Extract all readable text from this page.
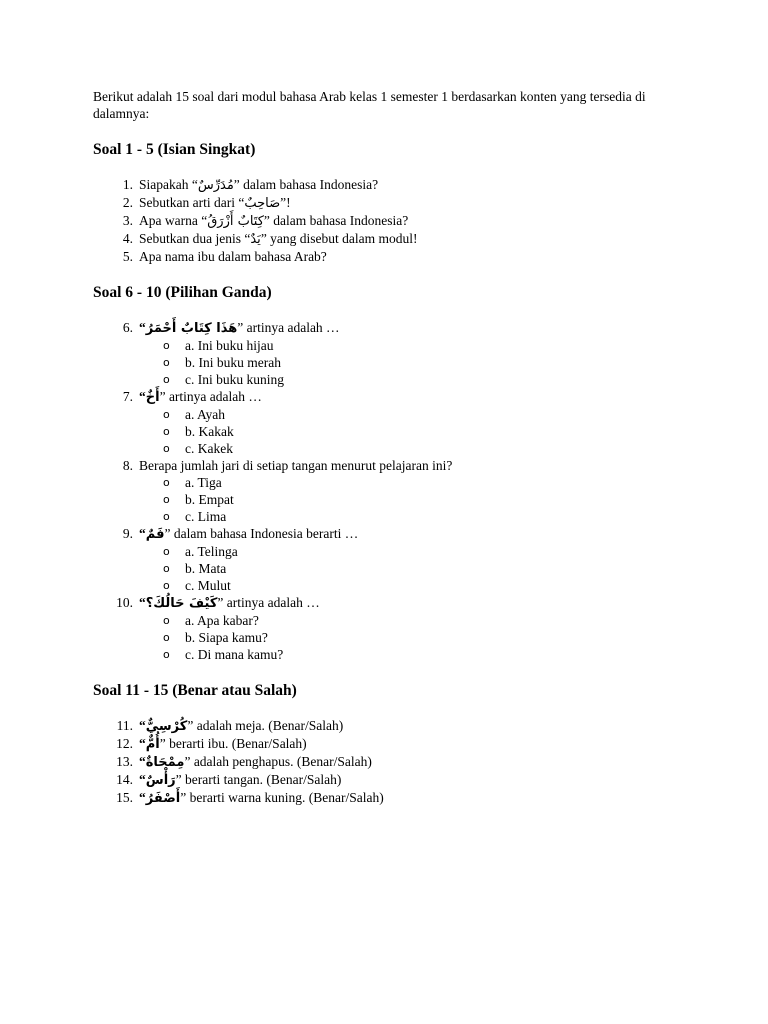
Berikut adalah 15 soal dari modul bahasa Arab kelas 1 semester 1 berdasarkan konten yang tersedia di dalamnya:

Soal 1 - 5 (Isian Singkat)
1. Siapakah “مُدَرِّسٌ” dalam bahasa Indonesia?
2. Sebutkan arti dari “صَاحِبٌ”!
3. Apa warna “كِتَابٌ أَزْرَقُ” dalam bahasa Indonesia?
4. Sebutkan dua jenis “يَدٌ” yang disebut dalam modul!
5. Apa nama ibu dalam bahasa Arab?
Soal 6 - 10 (Pilihan Ganda)
6. “هَذَا كِتَابٌ أَحْمَرُ” artinya adalah …
o a. Ini buku hijau
o b. Ini buku merah
o c. Ini buku kuning
7. “أَخٌ” artinya adalah …
o a. Ayah
o b. Kakak
o c. Kakek
8. Berapa jumlah jari di setiap tangan menurut pelajaran ini?
o a. Tiga
o b. Empat
o c. Lima
9. “فَمٌ” dalam bahasa Indonesia berarti …
o a. Telinga
o b. Mata
o c. Mulut
10. “كَيْفَ حَالُكَ؟” artinya adalah …
o a. Apa kabar?
o b. Siapa kamu?
o c. Di mana kamu?
Soal 11 - 15 (Benar atau Salah)
11. “كُرْسِيٌّ” adalah meja. (Benar/Salah)
12. “أُمٌّ” berarti ibu. (Benar/Salah)
13. “مِمْحَاةٌ” adalah penghapus. (Benar/Salah)
14. “رَأْسٌ” berarti tangan. (Benar/Salah)
15. “أَصْفَرُ” berarti warna kuning. (Benar/Salah)
